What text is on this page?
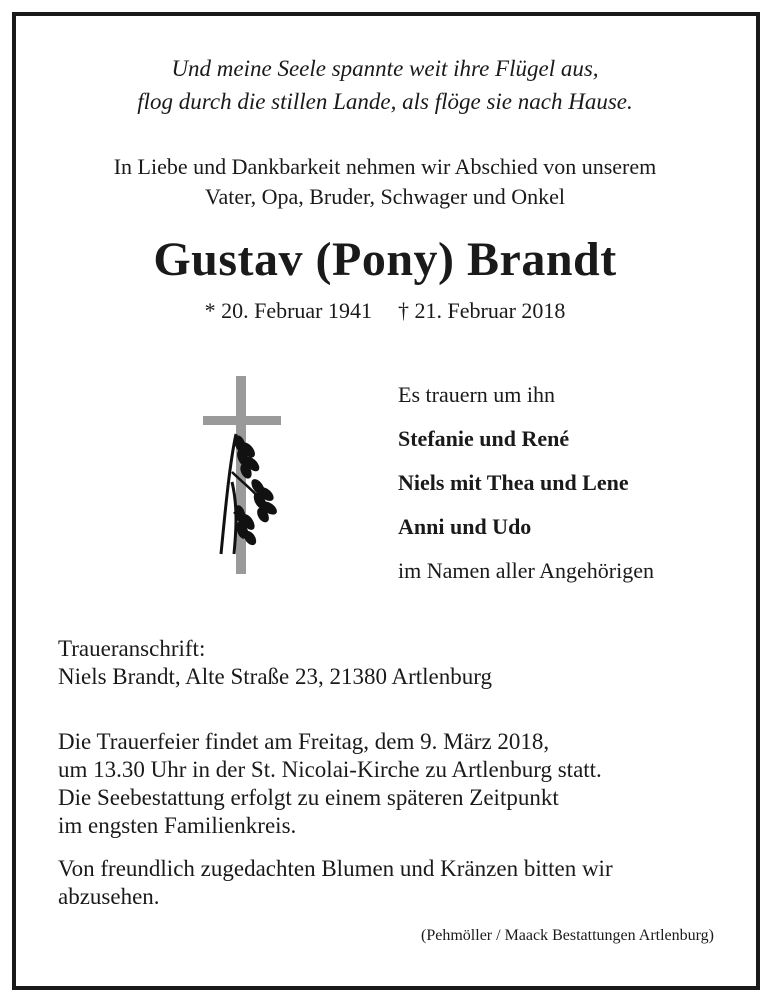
Und meine Seele spannte weit ihre Flügel aus,
flog durch die stillen Lande, als flöge sie nach Hause.
In Liebe und Dankbarkeit nehmen wir Abschied von unserem
Vater, Opa, Bruder, Schwager und Onkel
Gustav (Pony) Brandt
* 20. Februar 1941 † 21. Februar 2018
Es trauern um ihn
Stefanie und René
Niels mit Thea und Lene
Anni und Udo
im Namen aller Angehörigen
Traueranschrift:
Niels Brandt, Alte Straße 23, 21380 Artlenburg
Die Trauerfeier findet am Freitag, dem 9. März 2018,
um 13.30 Uhr in der St. Nicolai-Kirche zu Artlenburg statt.
Die Seebestattung erfolgt zu einem späteren Zeitpunkt
im engsten Familienkreis.
Von freundlich zugedachten Blumen und Kränzen bitten wir
abzusehen.
(Pehmöller / Maack Bestattungen Artlenburg)
